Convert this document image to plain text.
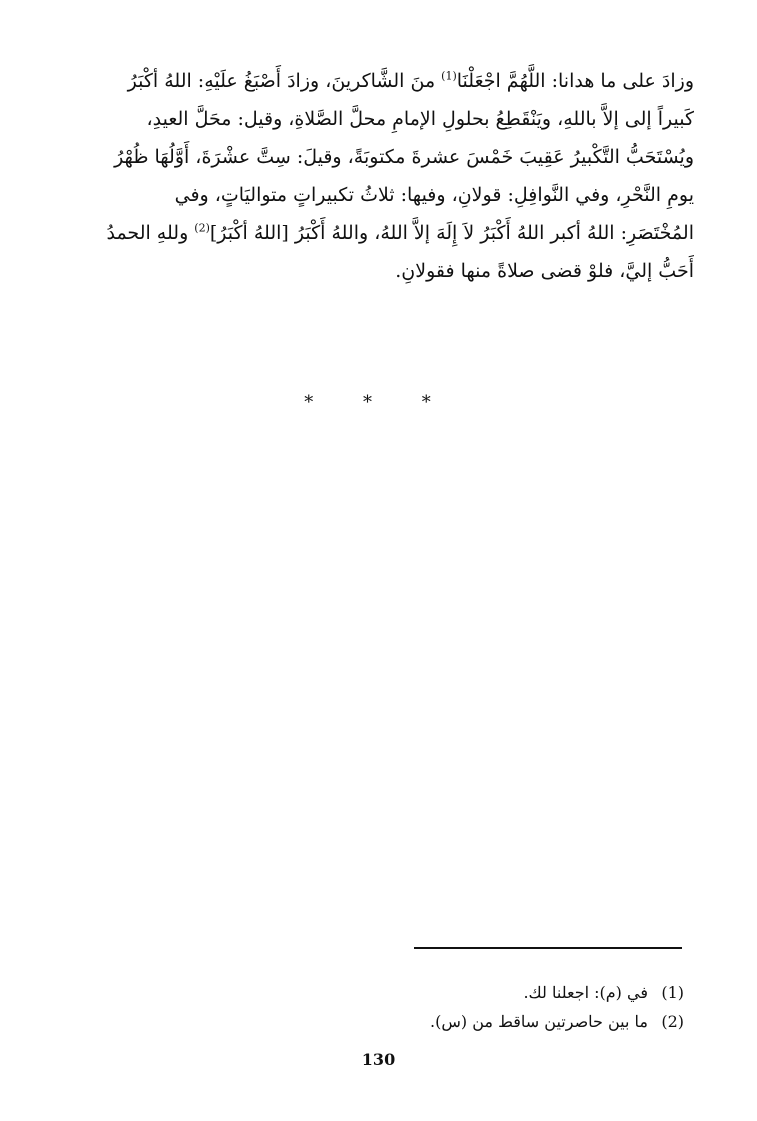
وزادَ على ما هدانا: اللَّهُمَّ اجْعَلْنَا$^{(1)}$ منَ الشَّاكرينَ، وزادَ أَصْبَغُ علَيْهِ: اللهُ أكْبَرُ
كَبيراً إلى إلاَّ باللهِ، ويَنْقَطِعُ بحلولِ الإمامِ محلَّ الصَّلاةِ، وقيل: محَلَّ العيدِ،
ويُسْتَحَبُّ التَّكْبيرُ عَقِيبَ خَمْسَ عشرةَ مكتوبَةً، وقيلَ: سِتَّ عشْرَةَ، أَوَّلُهَا ظُهْرُ
يومِ النَّحْرِ، وفي النَّوافِلِ: قولانِ، وفيها: ثلاثُ تكبيراتٍ متواليَاتٍ، وفي
المُخْتَصَرِ: اللهُ أكبر اللهُ أَكْبَرُ لاَ إِلَهَ إلاَّ اللهُ، واللهُ أَكْبَرُ [اللهُ أكْبَرُ]$^{(2)}$ وللهِ الحمدُ
أَحَبُّ إليَّ، فلوْ قضى صلاةً منها فقولانِ.
* * *
(1)في (م): اجعلنا لك.
(2)ما بين حاصرتين ساقط من (س).
130
